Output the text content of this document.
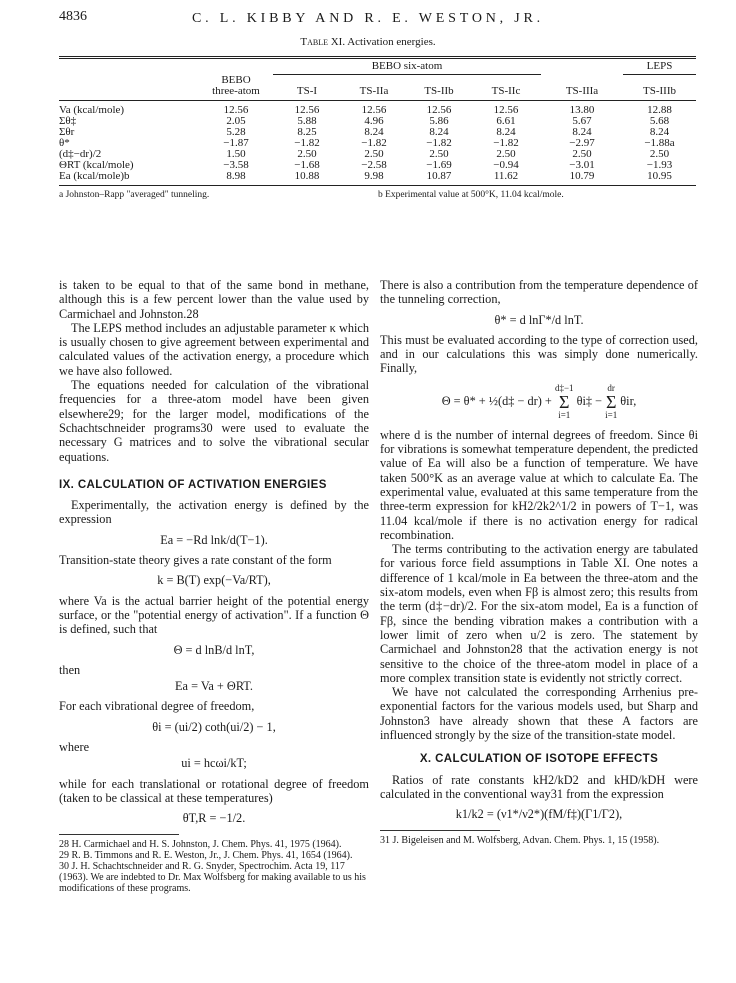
4836	C. L. KIBBY AND R. E. WESTON, JR.
Table XI. Activation energies.
		BEBO six-atom					LEPS
	BEBO						
	three-atom	TS-I	TS-IIa	TS-IIb	TS-IIc	TS-IIIa	TS-IIIb
Va (kcal/mole)	12.56	12.56	12.56	12.56	12.56	13.80	12.88
Σθ‡	2.05	5.88	4.96	5.86	6.61	5.67	5.68
Σθr	5.28	8.25	8.24	8.24	8.24	8.24	8.24
θ*	−1.87	−1.82	−1.82	−1.82	−1.82	−2.97	−1.88a
(d‡−dr)/2	1.50	2.50	2.50	2.50	2.50	2.50	2.50
ΘRT (kcal/mole)	−3.58	−1.68	−2.58	−1.69	−0.94	−3.01	−1.93
Ea (kcal/mole)b	8.98	10.88	9.98	10.87	11.62	10.79	10.95
a Johnston–Rapp "averaged" tunneling.	b Experimental value at 500°K, 11.04 kcal/mole.

is taken to be equal to that of the same bond in methane, although this is a few percent lower than the value used by Carmichael and Johnston.28

The LEPS method includes an adjustable parameter κ which is usually chosen to give agreement between experimental and calculated values of the activation energy, a procedure which we have also followed.

The equations needed for calculation of the vibrational frequencies for a three-atom model have been given elsewhere29; for the larger model, modifications of the Schachtschneider programs30 were used to evaluate the necessary G matrices and to solve the vibrational secular equations.

IX. CALCULATION OF ACTIVATION ENERGIES

Experimentally, the activation energy is defined by the expression

Ea = −Rd lnk/d(T−1).

Transition-state theory gives a rate constant of the form

k = B(T) exp(−Va/RT),

where Va is the actual barrier height of the potential energy surface, or the "potential energy of activation". If a function Θ is defined, such that

Θ = d lnB/d lnT,

then

Ea = Va + ΘRT.

For each vibrational degree of freedom,

θi = (ui/2) coth(ui/2) − 1,

where

ui = hcωi/kT;

while for each translational or rotational degree of freedom (taken to be classical at these temperatures)

θT,R = −1/2.

28 H. Carmichael and H. S. Johnston, J. Chem. Phys. 41, 1975 (1964).

29 R. B. Timmons and R. E. Weston, Jr., J. Chem. Phys. 41, 1654 (1964).

30 J. H. Schachtschneider and R. G. Snyder, Spectrochim. Acta 19, 117 (1963). We are indebted to Dr. Max Wolfsberg for making available to us his modifications of these programs.

There is also a contribution from the temperature dependence of the tunneling correction,

θ* = d lnΓ*/d lnT.

This must be evaluated according to the type of correction used, and in our calculations this was simply done numerically. Finally,

Θ = θ* + ½(d‡ − dr) + d‡−1
Σ
i=1 θi‡ − dr
Σ
i=1 θir,

where d is the number of internal degrees of freedom. Since θi for vibrations is somewhat temperature dependent, the predicted value of Ea will also be a function of temperature. We have taken 500°K as an average value at which to calculate Ea. The experimental value, evaluated at this same temperature from the three-term expression for kH2/2k2^1/2 in powers of T−1, was 11.04 kcal/mole if there is no activation energy for radical recombination.

The terms contributing to the activation energy are tabulated for various force field assumptions in Table XI. One notes a difference of 1 kcal/mole in Ea between the three-atom and the six-atom models, even when Fβ is almost zero; this results from the term (d‡−dr)/2. For the six-atom model, Ea is a function of Fβ, since the bending vibration makes a contribution with a lower limit of zero when u/2 is zero. The statement by Carmichael and Johnston28 that the activation energy is not sensitive to the choice of the three-atom model in place of a more complex transition state is evidently not strictly correct.

We have not calculated the corresponding Arrhenius pre-exponential factors for the various models used, but Sharp and Johnston3 have already shown that these A factors are influenced strongly by the size of the transition-state model.

X. CALCULATION OF ISOTOPE EFFECTS

Ratios of rate constants kH2/kD2 and kHD/kDH were calculated in the conventional way31 from the expression

k1/k2 = (ν1*/ν2*)(fM/f‡)(Γ1/Γ2),

31 J. Bigeleisen and M. Wolfsberg, Advan. Chem. Phys. 1, 15 (1958).
